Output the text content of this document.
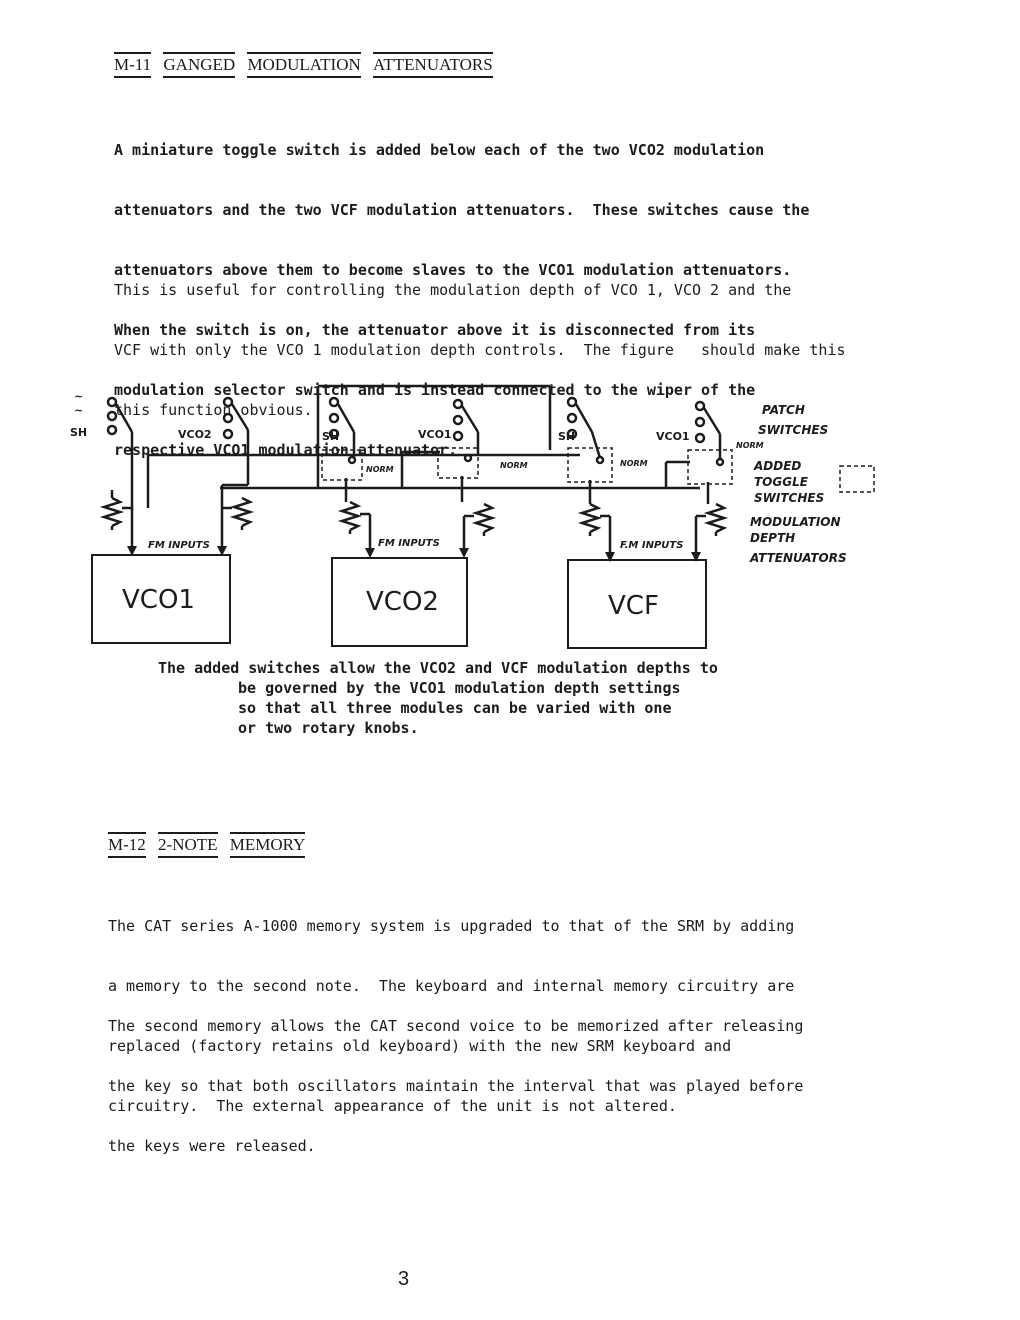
M-11 GANGED MODULATION ATTENUATORS

A miniature toggle switch is added below each of the two VCO2 modulation

attenuators and the two VCF modulation attenuators.  These switches cause the

attenuators above them to become slaves to the VCO1 modulation attenuators.

When the switch is on, the attenuator above it is disconnected from its

modulation selector switch and is instead connected to the wiper of the

respective VCO1 modulation attenuator.

This is useful for controlling the modulation depth of VCO 1, VCO 2 and the

VCF with only the VCO 1 modulation depth controls.  The figure   should make this

this function obvious.

~
~
SH	VCO2	SH	VCO1	SH	VCO1
NORM	NORM	NORM
NORM
FM INPUTS	FM INPUTS	F.M INPUTS
VCO1	VCO2	VCF
PATCH
SWITCHES
ADDED
TOGGLE
SWITCHES
MODULATION
DEPTH
ATTENUATORS
The added switches allow the VCO2 and VCF modulation depths to
be governed by the VCO1 modulation depth settings
so that all three modules can be varied with one
or two rotary knobs.
M-12 2-NOTE MEMORY

The CAT series A-1000 memory system is upgraded to that of the SRM by adding

a memory to the second note.  The keyboard and internal memory circuitry are

replaced (factory retains old keyboard) with the new SRM keyboard and

circuitry.  The external appearance of the unit is not altered.

The second memory allows the CAT second voice to be memorized after releasing

the key so that both oscillators maintain the interval that was played before

the keys were released.

3
